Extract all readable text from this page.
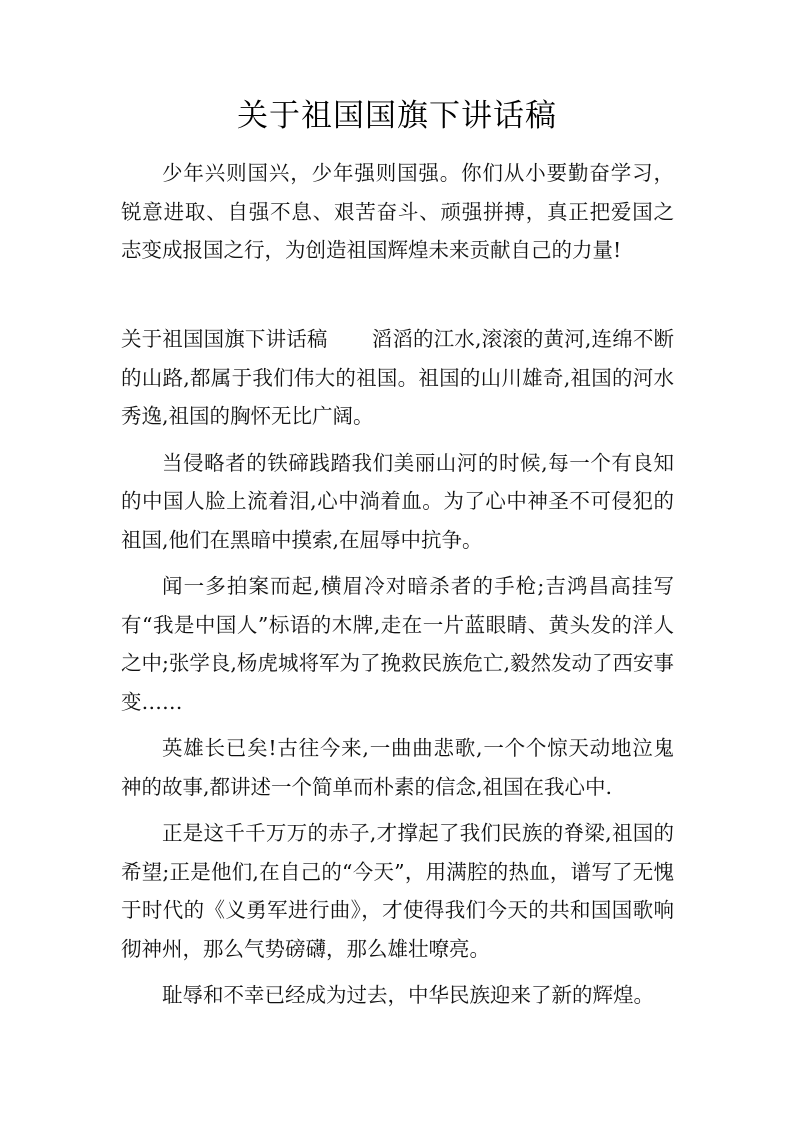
关于祖国国旗下讲话稿

少年兴则国兴，少年强则国强。你们从小要勤奋学习，锐意进取、自强不息、艰苦奋斗、顽强拼搏，真正把爱国之志变成报国之行，为创造祖国辉煌未来贡献自己的力量!

关于祖国国旗下讲话稿 滔滔的江水,滚滚的黄河,连绵不断的山路,都属于我们伟大的祖国。祖国的山川雄奇,祖国的河水秀逸,祖国的胸怀无比广阔。

当侵略者的铁碲践踏我们美丽山河的时候,每一个有良知的中国人脸上流着泪,心中淌着血。为了心中神圣不可侵犯的祖国,他们在黑暗中摸索,在屈辱中抗争。

闻一多拍案而起,横眉冷对暗杀者的手枪;吉鸿昌高挂写有“我是中国人”标语的木牌,走在一片蓝眼睛、黄头发的洋人之中;张学良,杨虎城将军为了挽救民族危亡,毅然发动了西安事变……

英雄长已矣!古往今来,一曲曲悲歌,一个个惊天动地泣鬼神的故事,都讲述一个简单而朴素的信念,祖国在我心中.

正是这千千万万的赤子,才撑起了我们民族的脊梁,祖国的希望;正是他们,在自己的“今天”，用满腔的热血，谱写了无愧于时代的《义勇军进行曲》，才使得我们今天的共和国国歌响彻神州，那么气势磅礴，那么雄壮嘹亮。

耻辱和不幸已经成为过去，中华民族迎来了新的辉煌。
